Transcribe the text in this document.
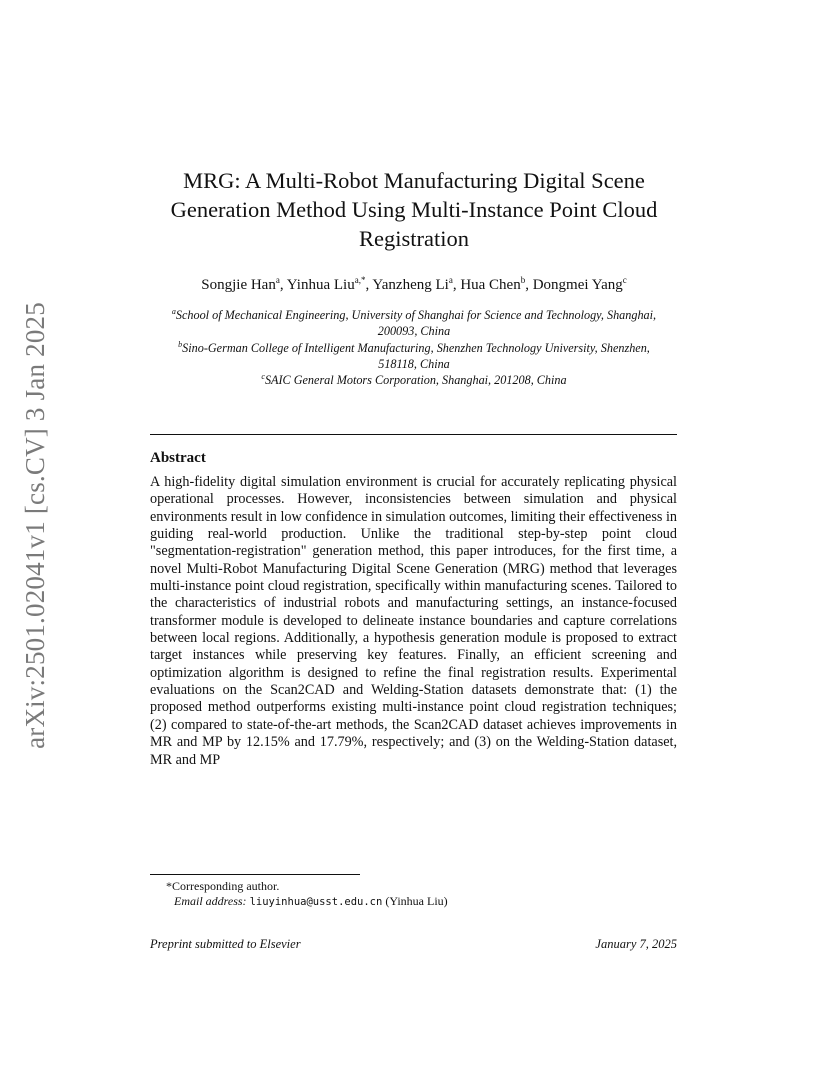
arXiv:2501.02041v1 [cs.CV] 3 Jan 2025
MRG: A Multi-Robot Manufacturing Digital Scene Generation Method Using Multi-Instance Point Cloud Registration
Songjie Han$^a$, Yinhua Liu$^{a,*}$, Yanzheng Li$^a$, Hua Chen$^b$, Dongmei Yang$^c$
$^a$School of Mechanical Engineering, University of Shanghai for Science and Technology, Shanghai, 200093, China
$^b$Sino-German College of Intelligent Manufacturing, Shenzhen Technology University, Shenzhen, 518118, China
$^c$SAIC General Motors Corporation, Shanghai, 201208, China
Abstract

A high-fidelity digital simulation environment is crucial for accurately replicating physical operational processes. However, inconsistencies between simulation and physical environments result in low confidence in simulation outcomes, limiting their effectiveness in guiding real-world production. Unlike the traditional step-by-step point cloud "segmentation-registration" generation method, this paper introduces, for the first time, a novel Multi-Robot Manufacturing Digital Scene Generation (MRG) method that leverages multi-instance point cloud registration, specifically within manufacturing scenes. Tailored to the characteristics of industrial robots and manufacturing settings, an instance-focused transformer module is developed to delineate instance boundaries and capture correlations between local regions. Additionally, a hypothesis generation module is proposed to extract target instances while preserving key features. Finally, an efficient screening and optimization algorithm is designed to refine the final registration results. Experimental evaluations on the Scan2CAD and Welding-Station datasets demonstrate that: (1) the proposed method outperforms existing multi-instance point cloud registration techniques; (2) compared to state-of-the-art methods, the Scan2CAD dataset achieves improvements in MR and MP by 12.15% and 17.79%, respectively; and (3) on the Welding-Station dataset, MR and MP

*Corresponding author.
Email address: liuyinhua@usst.edu.cn (Yinhua Liu)
Preprint submitted to Elsevier	January 7, 2025
